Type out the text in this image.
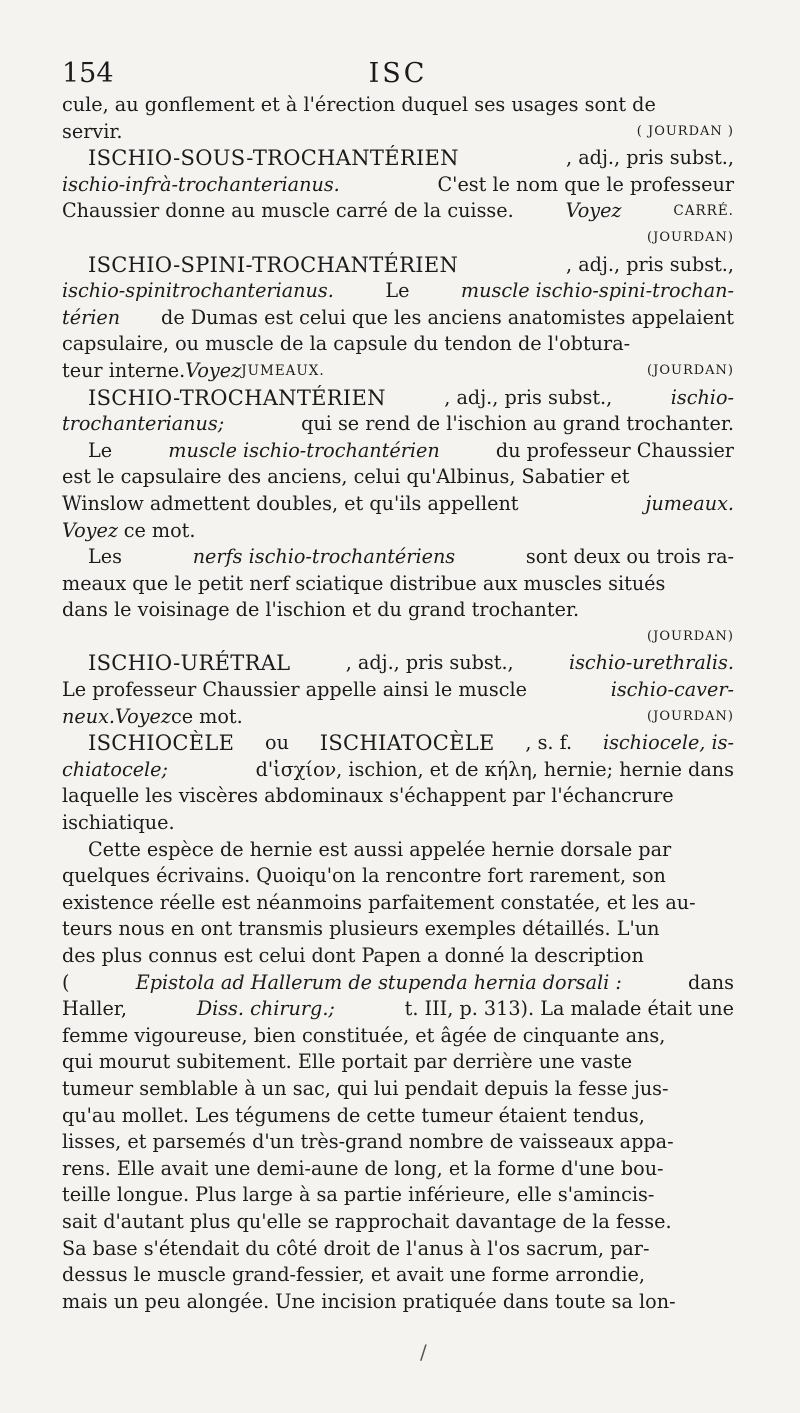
154	ISC
cule, au gonflement et à l'érection duquel ses usages sont de
servir.	( JOURDAN )
ISCHIO-SOUS-TROCHANTÉRIEN	, adj., pris subst.,
ischio-infrà-trochanterianus.	C'est le nom que le professeur
Chaussier donne au muscle carré de la cuisse.	Voyez	CARRÉ.
(JOURDAN)
ISCHIO-SPINI-TROCHANTÉRIEN	, adj., pris subst.,
ischio-spinitrochanterianus.	Le	muscle ischio-spini-trochan-
térien de Dumas est celui que les anciens anatomistes appelaient
capsulaire, ou muscle de la capsule du tendon de l'obtura-
teur interne. Voyez JUMEAUX.	(JOURDAN)
ISCHIO-TROCHANTÉRIEN	, adj., pris subst.,	ischio-
trochanterianus;	qui se rend de l'ischion au grand trochanter.
Le	muscle ischio-trochantérien	du professeur Chaussier
est le capsulaire des anciens, celui qu'Albinus, Sabatier et
Winslow admettent doubles, et qu'ils appellent	jumeaux.
Voyez ce mot.
Les	nerfs ischio-trochantériens	sont deux ou trois ra-
meaux que le petit nerf sciatique distribue aux muscles situés
dans le voisinage de l'ischion et du grand trochanter.
(JOURDAN)
ISCHIO-URÉTRAL	, adj., pris subst.,	ischio-urethralis.
Le professeur Chaussier appelle ainsi le muscle	ischio-caver-
neux. Voyez ce mot.	(JOURDAN)
ISCHIOCÈLE ou ISCHIATOCÈLE , s. f. ischiocele, is-
chiatocele;	d'ἰσχίον, ischion, et de κήλη, hernie; hernie dans
laquelle les viscères abdominaux s'échappent par l'échancrure
ischiatique.
Cette espèce de hernie est aussi appelée hernie dorsale par
quelques écrivains. Quoiqu'on la rencontre fort rarement, son
existence réelle est néanmoins parfaitement constatée, et les au-
teurs nous en ont transmis plusieurs exemples détaillés. L'un
des plus connus est celui dont Papen a donné la description
(	Epistola ad Hallerum de stupenda hernia dorsali :	dans
Haller,	Diss. chirurg.;	t. III, p. 313). La malade était une
femme vigoureuse, bien constituée, et âgée de cinquante ans,
qui mourut subitement. Elle portait par derrière une vaste
tumeur semblable à un sac, qui lui pendait depuis la fesse jus-
qu'au mollet. Les tégumens de cette tumeur étaient tendus,
lisses, et parsemés d'un très-grand nombre de vaisseaux appa-
rens. Elle avait une demi-aune de long, et la forme d'une bou-
teille longue. Plus large à sa partie inférieure, elle s'amincis-
sait d'autant plus qu'elle se rapprochait davantage de la fesse.
Sa base s'étendait du côté droit de l'anus à l'os sacrum, par-
dessus le muscle grand-fessier, et avait une forme arrondie,
mais un peu alongée. Une incision pratiquée dans toute sa lon-
/
